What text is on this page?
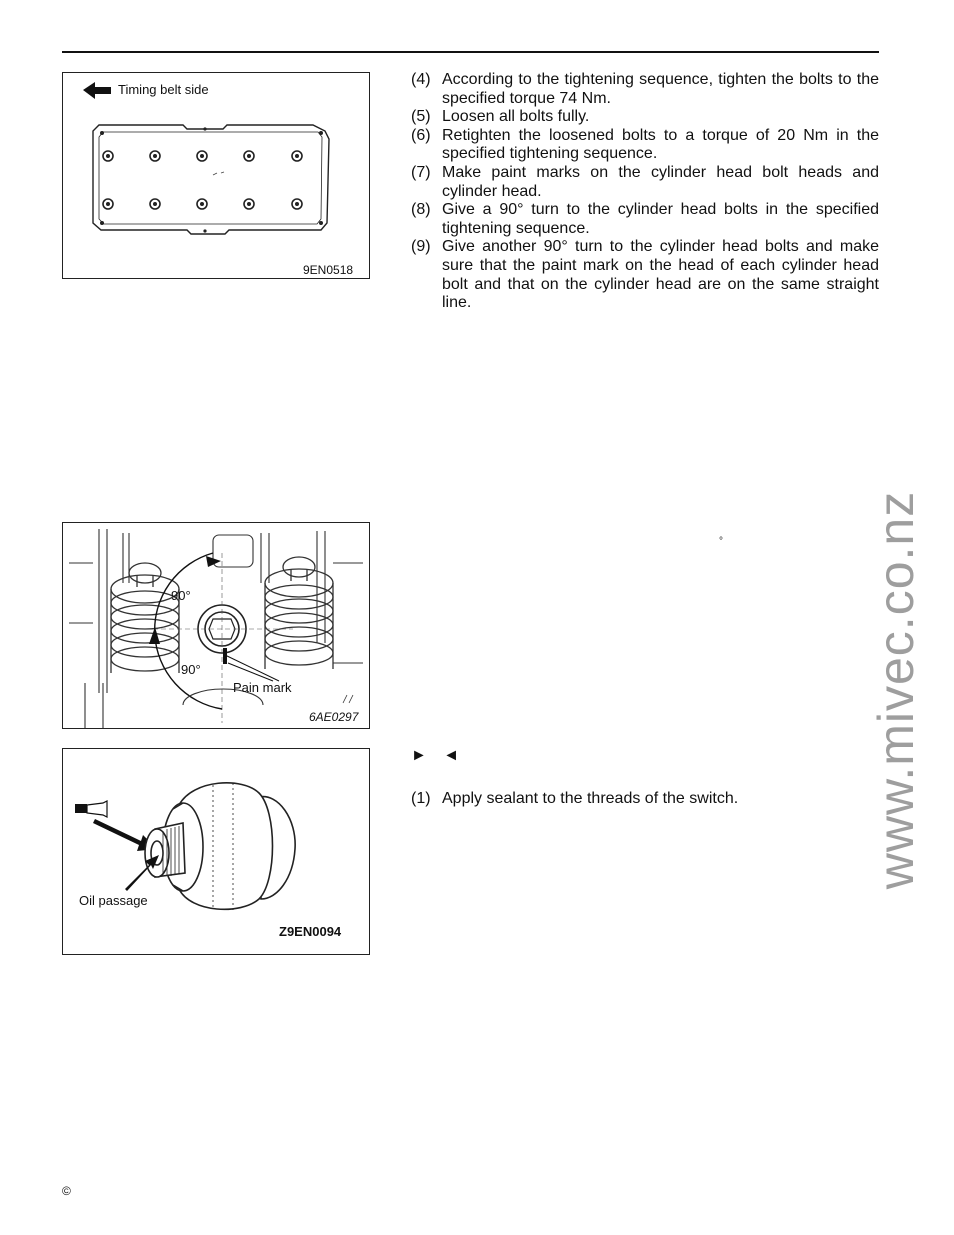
Timing belt side
9EN0518
90°
90°
Pain mark
6AE0297
Oil passage
Z9EN0094
(4) According to the tightening sequence, tighten the bolts to the specified torque 74 Nm.
(5) Loosen all bolts fully.
(6) Retighten the loosened bolts to a torque of 20 Nm in the specified tightening sequence.
(7) Make paint marks on the cylinder head bolt heads and cylinder head.
(8) Give a 90° turn to the cylinder head bolts in the specified tightening sequence.
(9) Give another 90° turn to the cylinder head bolts and make sure that the paint mark on the head of each cylinder head bolt and that on the cylinder head are on the same straight line.
°
► ◄
(1) Apply sealant to the threads of the switch.	www.mivec.co.nz
©
